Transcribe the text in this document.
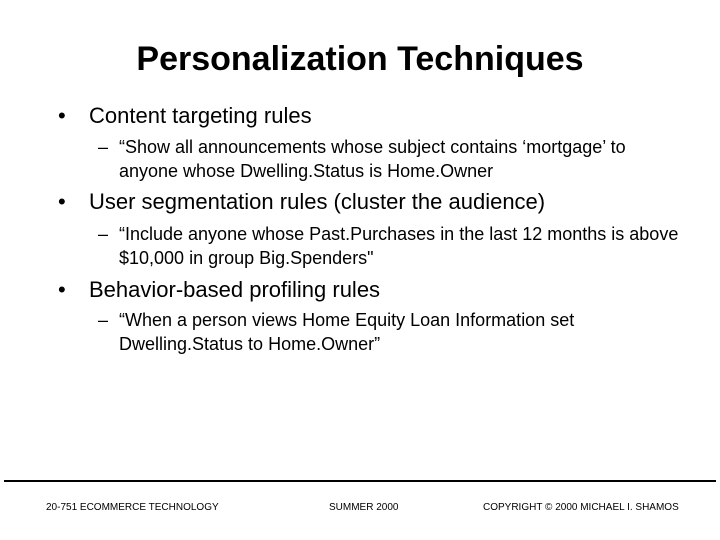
Personalization Techniques
•	Content targeting rules
– “Show all announcements whose subject contains ‘mortgage’ to anyone whose Dwelling.Status is Home.Owner
•	User segmentation rules (cluster the audience)
– “Include anyone whose Past.Purchases in the last 12 months is above $10,000 in group Big.Spenders"
•	Behavior-based profiling rules
– “When a person views Home Equity Loan Information set Dwelling.Status to Home.Owner”
20-751 ECOMMERCE TECHNOLOGY	SUMMER 2000	COPYRIGHT © 2000 MICHAEL I. SHAMOS
